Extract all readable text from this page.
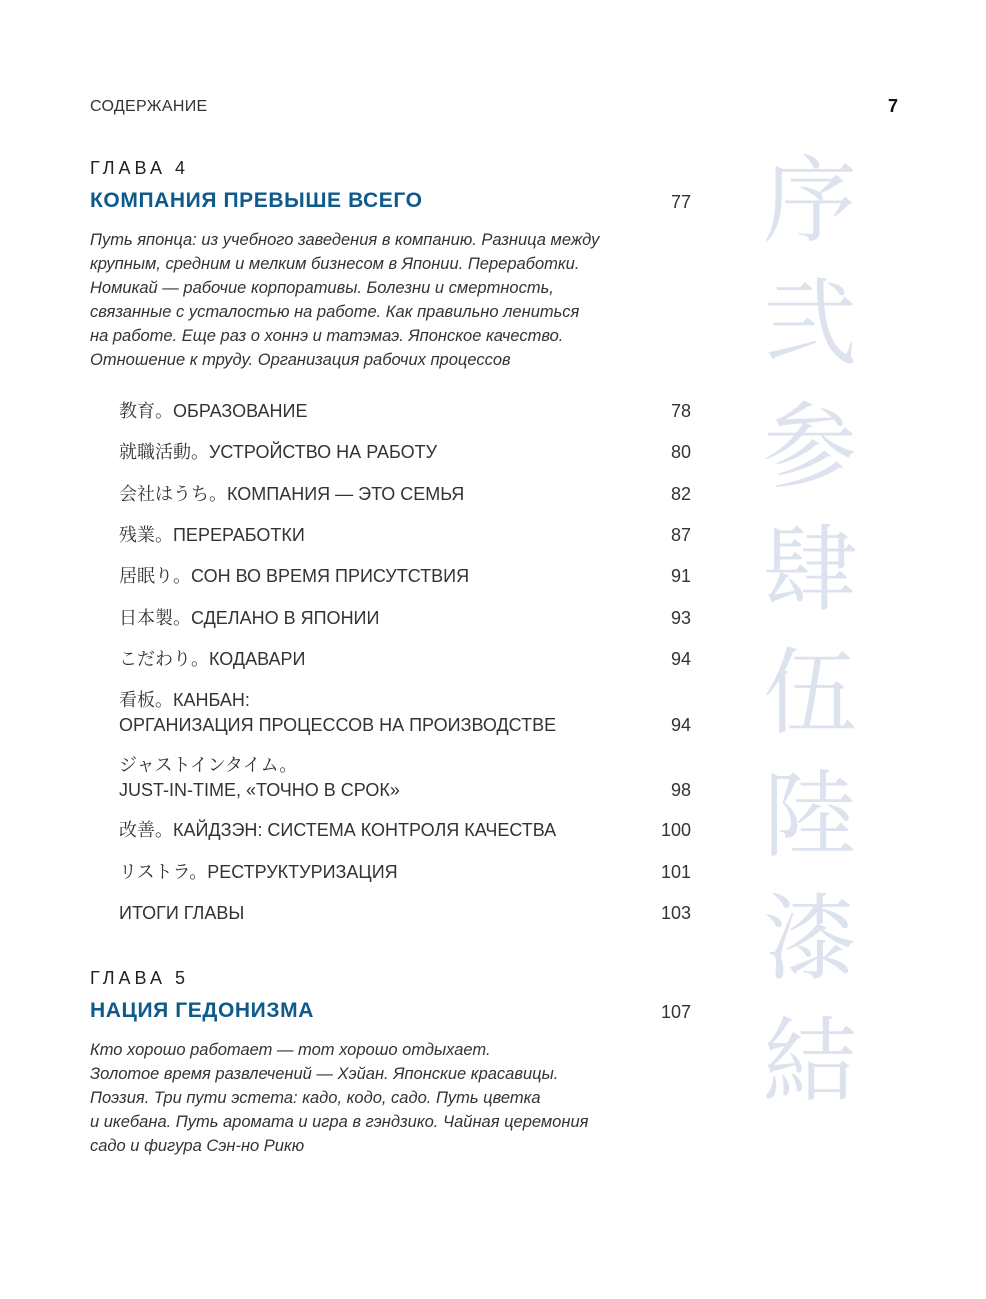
СОДЕРЖАНИЕ	7
ГЛАВА 4
КОМПАНИЯ ПРЕВЫШЕ ВСЕГО	77
Путь японца: из учебного заведения в компанию. Разница между
крупным, средним и мелким бизнесом в Японии. Переработки.
Номикай — рабочие корпоративы. Болезни и смертность,
связанные с усталостью на работе. Как правильно лениться
на работе. Еще раз о хоннэ и татэмаэ. Японское качество.
Отношение к труду. Организация рабочих процессов
教育。ОБРАЗОВАНИЕ	78
就職活動。УСТРОЙСТВО НА РАБОТУ	80
会社はうち。КОМПАНИЯ — ЭТО СЕМЬЯ	82
残業。ПЕРЕРАБОТКИ	87
居眠り。СОН ВО ВРЕМЯ ПРИСУТСТВИЯ	91
日本製。СДЕЛАНО В ЯПОНИИ	93
こだわり。КОДАВАРИ	94
看板。КАНБАН:
ОРГАНИЗАЦИЯ ПРОЦЕССОВ НА ПРОИЗВОДСТВЕ	94
ジャストインタイム。
JUST-IN-TIME, «ТОЧНО В СРОК»	98
改善。КАЙДЗЭН: СИСТЕМА КОНТРОЛЯ КАЧЕСТВА	100
リストラ。РЕСТРУКТУРИЗАЦИЯ	101
ИТОГИ ГЛАВЫ	103
ГЛАВА 5
НАЦИЯ ГЕДОНИЗМА	107
Кто хорошо работает — тот хорошо отдыхает.
Золотое время развлечений — Хэйан. Японские красавицы.
Поэзия. Три пути эстета: кадо, кодо, садо. Путь цветка
и икебана. Путь аромата и игра в гэндзико. Чайная церемония
садо и фигура Сэн-но Рикю
序
弐
参
肆
伍
陸
漆
結
